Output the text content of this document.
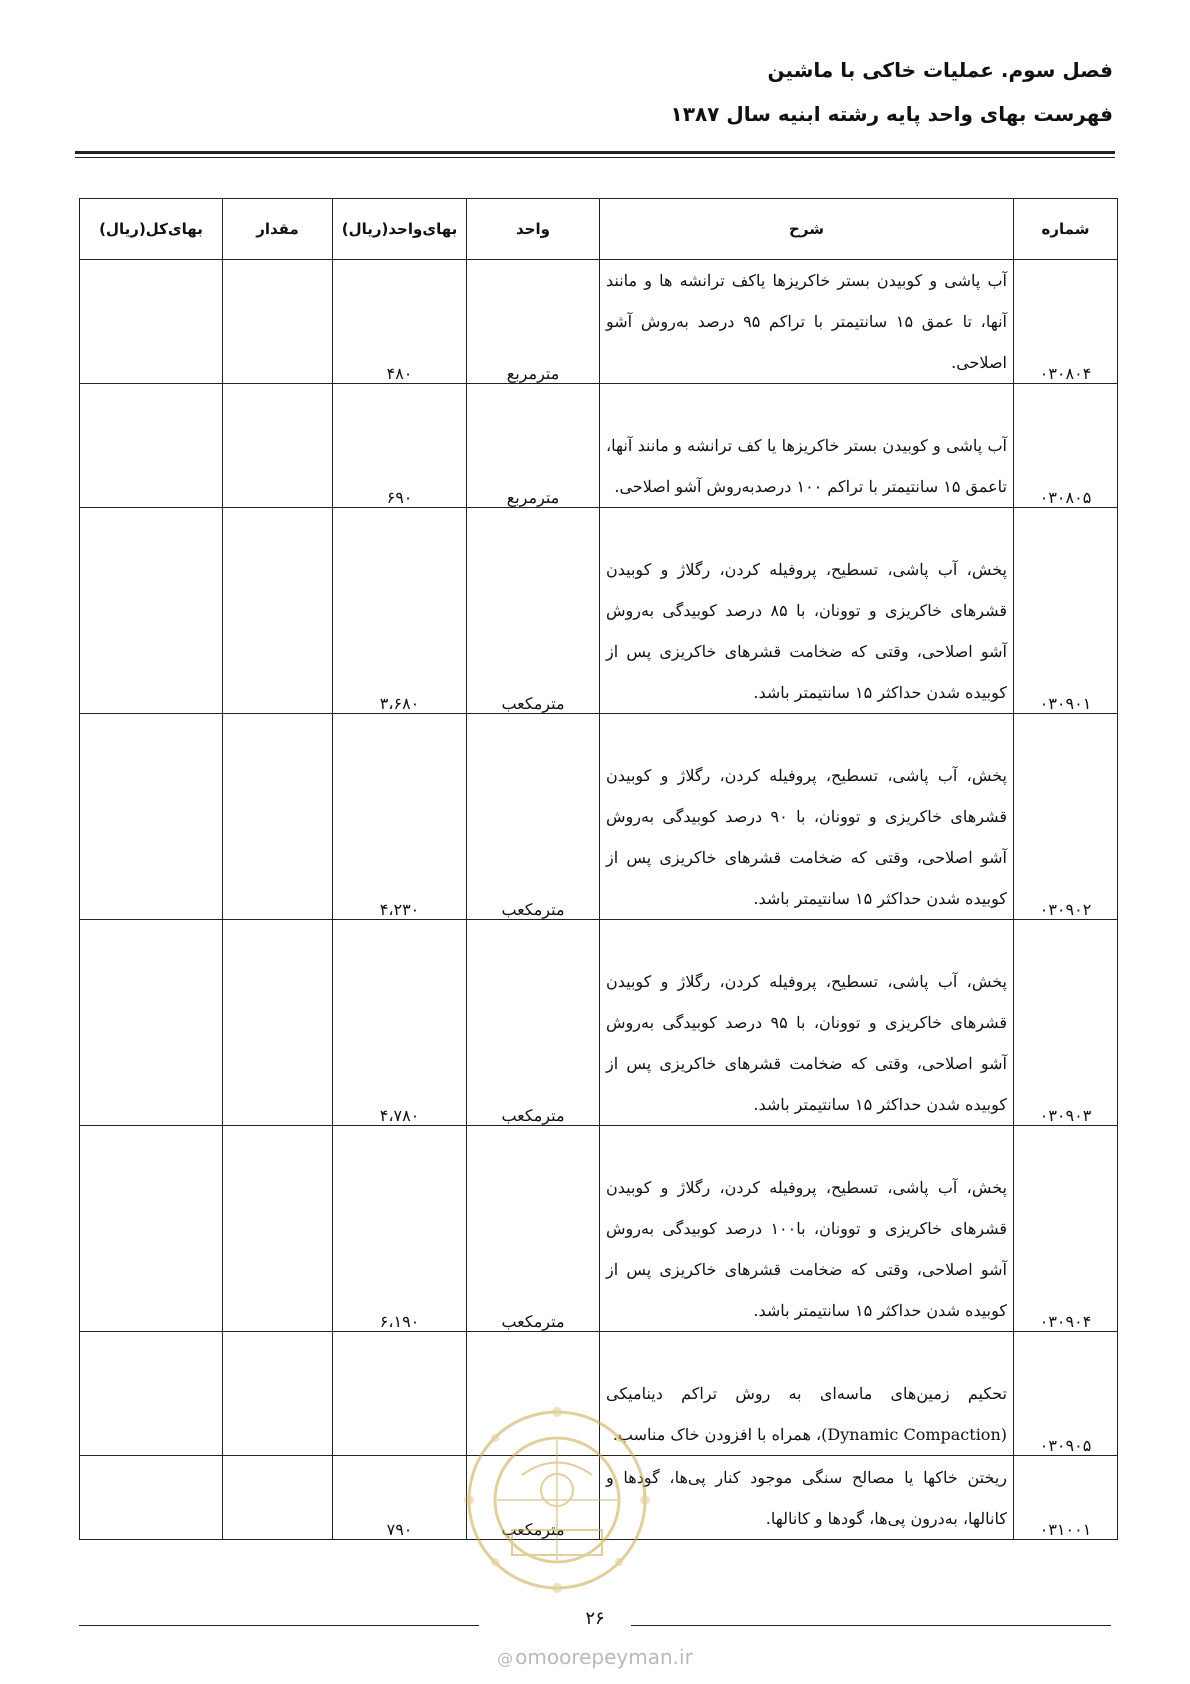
فصل سوم. عملیات خاکی با ماشین
فهرست بهای واحد پایه رشته ابنیه سال ۱۳۸۷
شماره	شرح	واحد	بهای‌واحد(ریال)	مقدار	بهای‌کل(ریال)
۰۳۰۸۰۴	آب پاشی و کوبیدن بستر خاکریزها یاکف ترانشه ها و مانند آنها، تا عمق ۱۵ سانتیمتر با تراکم ۹۵ درصد به‌روش آشو اصلاحی.	مترمربع	۴۸۰		
۰۳۰۸۰۵	آب پاشی و کوبیدن بستر خاکریزها یا کف ترانشه و مانند آنها، تاعمق ۱۵ سانتیمتر با تراکم ۱۰۰ درصدبه‌روش آشو اصلاحی.	مترمربع	۶۹۰		
۰۳۰۹۰۱	پخش، آب پاشی، تسطیح، پروفیله کردن، رگلاژ و کوبیدن قشرهای خاکریزی و توونان، با ۸۵ درصد کوبیدگی به‌روش آشو اصلاحی، وقتی که ضخامت قشرهای خاکریزی پس از کوبیده شدن حداکثر ۱۵ سانتیمتر باشد.	مترمکعب	۳،۶۸۰		
۰۳۰۹۰۲	پخش، آب پاشی، تسطیح، پروفیله کردن، رگلاژ و کوبیدن قشرهای خاکریزی و توونان، با ۹۰ درصد کوبیدگی به‌روش آشو اصلاحی، وقتی که ضخامت قشرهای خاکریزی پس از کوبیده شدن حداکثر ۱۵ سانتیمتر باشد.	مترمکعب	۴،۲۳۰		
۰۳۰۹۰۳	پخش، آب پاشی، تسطیح، پروفیله کردن، رگلاژ و کوبیدن قشرهای خاکریزی و توونان، با ۹۵ درصد کوبیدگی به‌روش آشو اصلاحی، وقتی که ضخامت قشرهای خاکریزی پس از کوبیده شدن حداکثر ۱۵ سانتیمتر باشد.	مترمکعب	۴،۷۸۰		
۰۳۰۹۰۴	پخش، آب پاشی، تسطیح، پروفیله کردن، رگلاژ و کوبیدن قشرهای خاکریزی و توونان، با۱۰۰ درصد کوبیدگی به‌روش آشو اصلاحی، وقتی که ضخامت قشرهای خاکریزی پس از کوبیده شدن حداکثر ۱۵ سانتیمتر باشد.	مترمکعب	۶،۱۹۰		
۰۳۰۹۰۵	تحکیم زمین‌های ماسه‌ای به روش تراکم دینامیکی (Dynamic Compaction)، همراه با افزودن خاک مناسب.				
۰۳۱۰۰۱	ریختن خاکها یا مصالح سنگی موجود کنار پی‌ها، گودها و کانالها، به‌درون پی‌ها، گودها و کانالها.	مترمکعب	۷۹۰		
۲۶
@ omoorepeyman.ir
